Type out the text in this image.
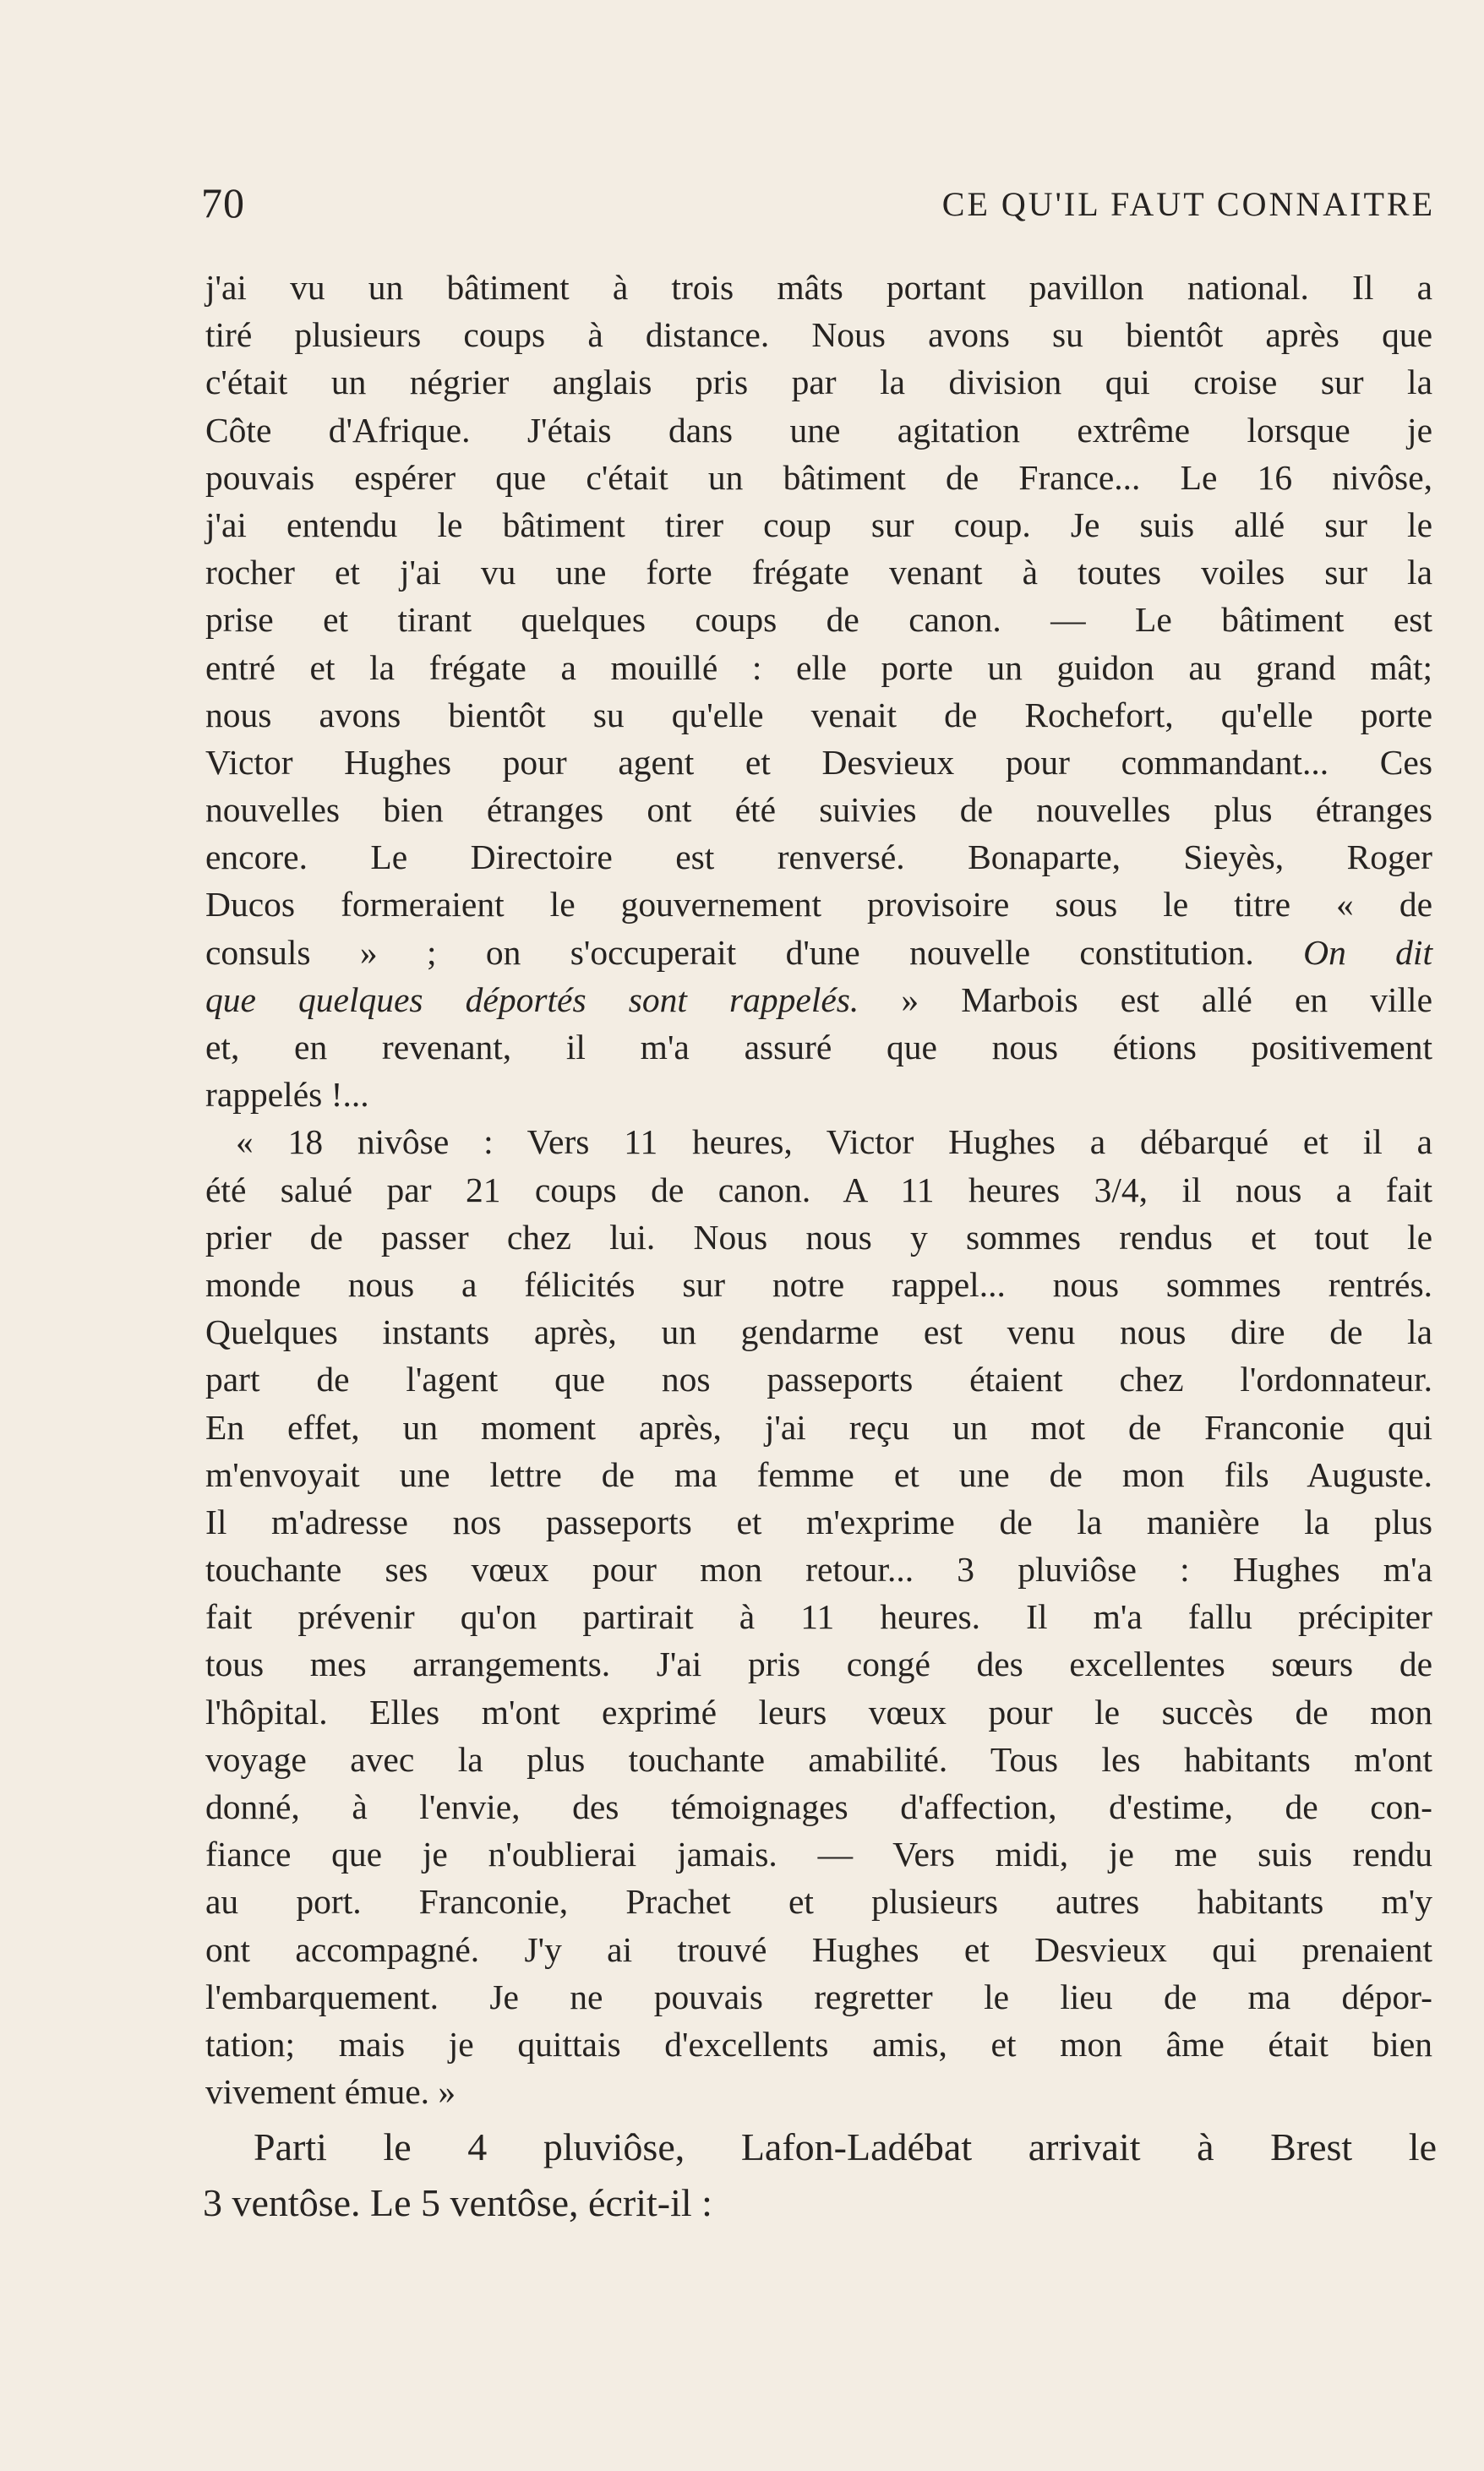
70	CE QU'IL FAUT CONNAITRE
j'ai vu un bâtiment à trois mâts portant pavillon national. Il a
tiré plusieurs coups à distance. Nous avons su bientôt après que
c'était un négrier anglais pris par la division qui croise sur la
Côte d'Afrique. J'étais dans une agitation extrême lorsque je
pouvais espérer que c'était un bâtiment de France... Le 16 nivôse,
j'ai entendu le bâtiment tirer coup sur coup. Je suis allé sur le
rocher et j'ai vu une forte frégate venant à toutes voiles sur la
prise et tirant quelques coups de canon. — Le bâtiment est
entré et la frégate a mouillé : elle porte un guidon au grand mât;
nous avons bientôt su qu'elle venait de Rochefort, qu'elle porte
Victor Hughes pour agent et Desvieux pour commandant... Ces
nouvelles bien étranges ont été suivies de nouvelles plus étranges
encore. Le Directoire est renversé. Bonaparte, Sieyès, Roger
Ducos formeraient le gouvernement provisoire sous le titre « de
consuls » ; on s'occuperait d'une nouvelle constitution. On dit
que quelques déportés sont rappelés. » Marbois est allé en ville
et, en revenant, il m'a assuré que nous étions positivement
rappelés !...
« 18 nivôse : Vers 11 heures, Victor Hughes a débarqué et il a
été salué par 21 coups de canon. A 11 heures 3/4, il nous a fait
prier de passer chez lui. Nous nous y sommes rendus et tout le
monde nous a félicités sur notre rappel... nous sommes rentrés.
Quelques instants après, un gendarme est venu nous dire de la
part de l'agent que nos passeports étaient chez l'ordonnateur.
En effet, un moment après, j'ai reçu un mot de Franconie qui
m'envoyait une lettre de ma femme et une de mon fils Auguste.
Il m'adresse nos passeports et m'exprime de la manière la plus
touchante ses vœux pour mon retour... 3 pluviôse : Hughes m'a
fait prévenir qu'on partirait à 11 heures. Il m'a fallu précipiter
tous mes arrangements. J'ai pris congé des excellentes sœurs de
l'hôpital. Elles m'ont exprimé leurs vœux pour le succès de mon
voyage avec la plus touchante amabilité. Tous les habitants m'ont
donné, à l'envie, des témoignages d'affection, d'estime, de con-
fiance que je n'oublierai jamais. — Vers midi, je me suis rendu
au port. Franconie, Prachet et plusieurs autres habitants m'y
ont accompagné. J'y ai trouvé Hughes et Desvieux qui prenaient
l'embarquement. Je ne pouvais regretter le lieu de ma dépor-
tation; mais je quittais d'excellents amis, et mon âme était bien
vivement émue. »
Parti le 4 pluviôse, Lafon-Ladébat arrivait à Brest le
3 ventôse. Le 5 ventôse, écrit-il :
